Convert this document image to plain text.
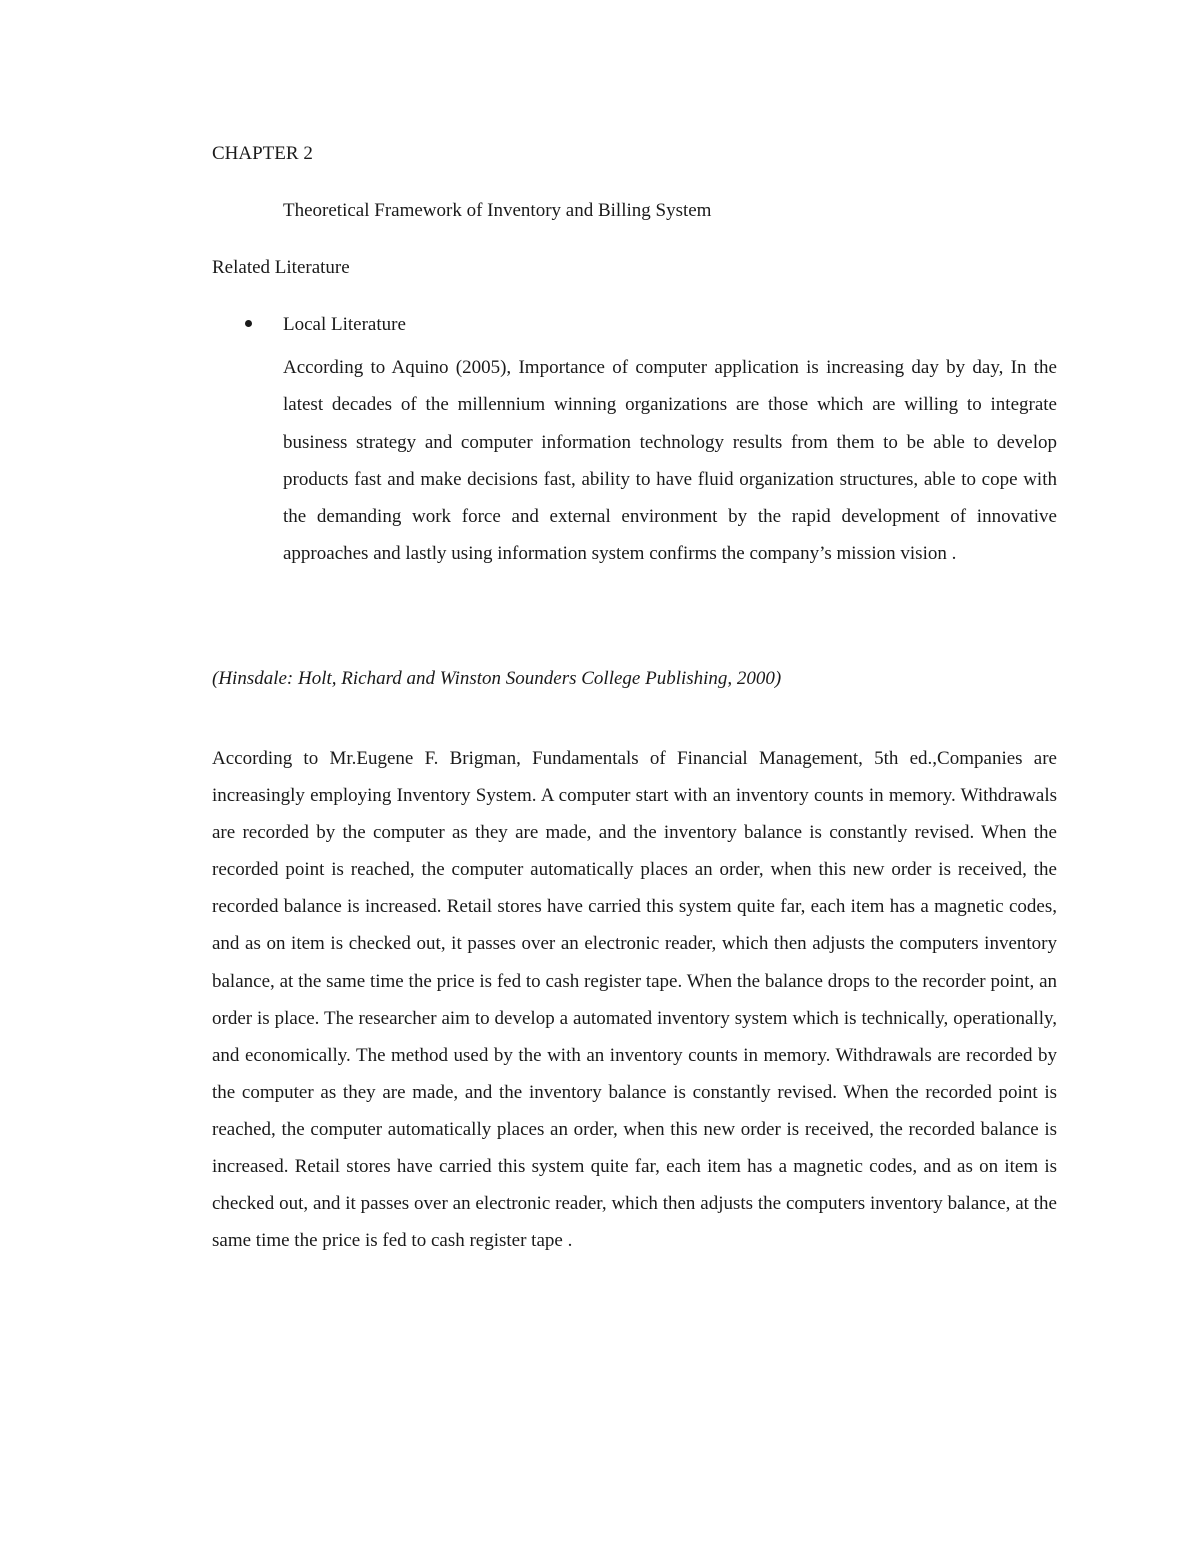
CHAPTER 2
Theoretical Framework of Inventory and Billing System
Related Literature
Local Literature
According to Aquino (2005), Importance of computer application is increasing day by day, In the latest decades of the millennium winning organizations are those which are willing to integrate business strategy and computer information technology results from them to be able to develop products fast and make decisions fast, ability to have fluid organization structures, able to cope with the demanding work force and external environment by the rapid development of innovative approaches and lastly using information system confirms the company’s mission vision .
(Hinsdale: Holt, Richard and Winston Sounders College Publishing, 2000)
According to Mr.Eugene F. Brigman, Fundamentals of Financial Management, 5th ed.,Companies are increasingly employing Inventory System. A computer start with an inventory counts in memory. Withdrawals are recorded by the computer as they are made, and the inventory balance is constantly revised. When the recorded point is reached, the computer automatically places an order, when this new order is received, the recorded balance is increased. Retail stores have carried this system quite far, each item has a magnetic codes, and as on item is checked out, it passes over an electronic reader, which then adjusts the computers inventory balance, at the same time the price is fed to cash register tape. When the balance drops to the recorder point, an order is place. The researcher aim to develop a automated inventory system which is technically, operationally, and economically. The method used by the with an inventory counts in memory. Withdrawals are recorded by the computer as they are made, and the inventory balance is constantly revised. When the recorded point is reached, the computer automatically places an order, when this new order is received, the recorded balance is increased. Retail stores have carried this system quite far, each item has a magnetic codes, and as on item is checked out, and it passes over an electronic reader, which then adjusts the computers inventory balance, at the same time the price is fed to cash register tape .
